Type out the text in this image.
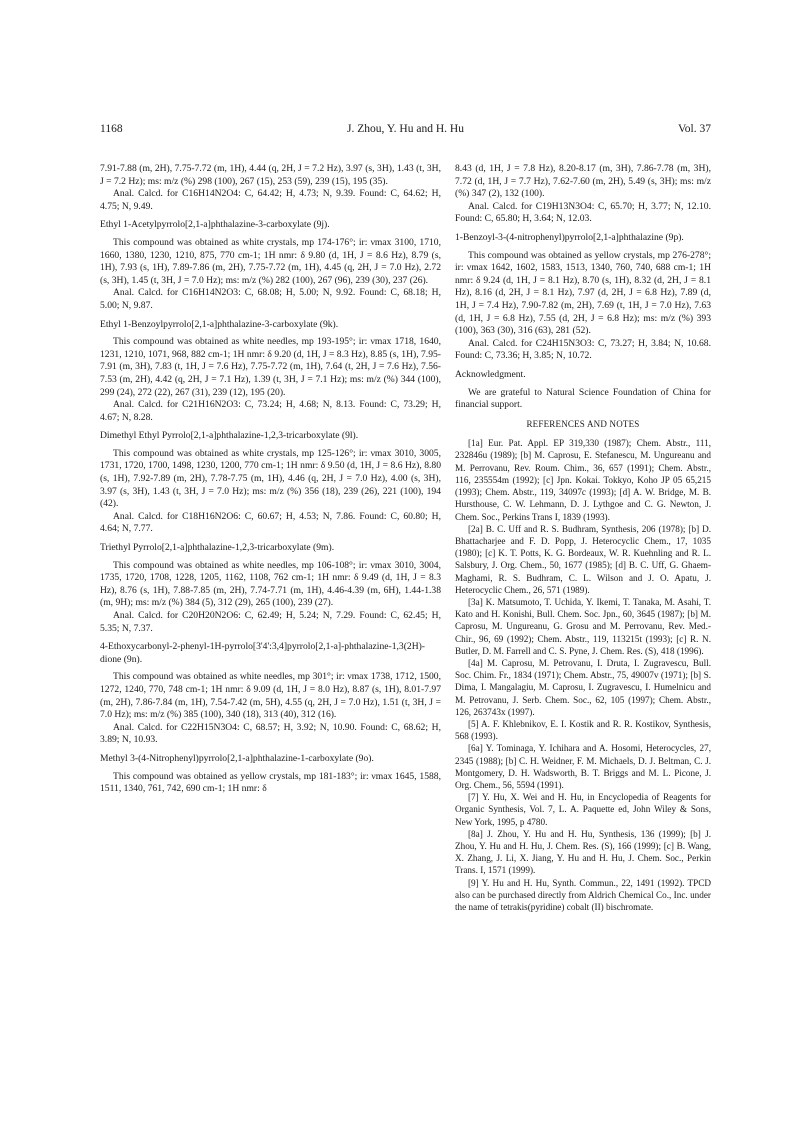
1168	J. Zhou, Y. Hu and H. Hu	Vol. 37

7.91-7.88 (m, 2H), 7.75-7.72 (m, 1H), 4.44 (q, 2H, J = 7.2 Hz), 3.97 (s, 3H), 1.43 (t, 3H, J = 7.2 Hz); ms: m/z (%) 298 (100), 267 (15), 253 (59), 239 (15), 195 (35).

Anal. Calcd. for C16H14N2O4: C, 64.42; H, 4.73; N, 9.39. Found: C, 64.62; H, 4.75; N, 9.49.

Ethyl 1-Acetylpyrrolo[2,1-a]phthalazine-3-carboxylate (9j).

This compound was obtained as white crystals, mp 174-176°; ir: νmax 3100, 1710, 1660, 1380, 1230, 1210, 875, 770 cm-1; 1H nmr: δ 9.80 (d, 1H, J = 8.6 Hz), 8.79 (s, 1H), 7.93 (s, 1H), 7.89-7.86 (m, 2H), 7.75-7.72 (m, 1H), 4.45 (q, 2H, J = 7.0 Hz), 2.72 (s, 3H), 1.45 (t, 3H, J = 7.0 Hz); ms: m/z (%) 282 (100), 267 (96), 239 (30), 237 (26).

Anal. Calcd. for C16H14N2O3: C, 68.08; H, 5.00; N, 9.92. Found: C, 68.18; H, 5.00; N, 9.87.

Ethyl 1-Benzoylpyrrolo[2,1-a]phthalazine-3-carboxylate (9k).

This compound was obtained as white needles, mp 193-195°; ir: νmax 1718, 1640, 1231, 1210, 1071, 968, 882 cm-1; 1H nmr: δ 9.20 (d, 1H, J = 8.3 Hz), 8.85 (s, 1H), 7.95-7.91 (m, 3H), 7.83 (t, 1H, J = 7.6 Hz), 7.75-7.72 (m, 1H), 7.64 (t, 2H, J = 7.6 Hz), 7.56-7.53 (m, 2H), 4.42 (q, 2H, J = 7.1 Hz), 1.39 (t, 3H, J = 7.1 Hz); ms: m/z (%) 344 (100), 299 (24), 272 (22), 267 (31), 239 (12), 195 (20).

Anal. Calcd. for C21H16N2O3: C, 73.24; H, 4.68; N, 8.13. Found: C, 73.29; H, 4.67; N, 8.28.

Dimethyl Ethyl Pyrrolo[2,1-a]phthalazine-1,2,3-tricarboxylate (9l).

This compound was obtained as white crystals, mp 125-126°; ir: νmax 3010, 3005, 1731, 1720, 1700, 1498, 1230, 1200, 770 cm-1; 1H nmr: δ 9.50 (d, 1H, J = 8.6 Hz), 8.80 (s, 1H), 7.92-7.89 (m, 2H), 7.78-7.75 (m, 1H), 4.46 (q, 2H, J = 7.0 Hz), 4.00 (s, 3H), 3.97 (s, 3H), 1.43 (t, 3H, J = 7.0 Hz); ms: m/z (%) 356 (18), 239 (26), 221 (100), 194 (42).

Anal. Calcd. for C18H16N2O6: C, 60.67; H, 4.53; N, 7.86. Found: C, 60.80; H, 4.64; N, 7.77.

Triethyl Pyrrolo[2,1-a]phthalazine-1,2,3-tricarboxylate (9m).

This compound was obtained as white needles, mp 106-108°; ir: νmax 3010, 3004, 1735, 1720, 1708, 1228, 1205, 1162, 1108, 762 cm-1; 1H nmr: δ 9.49 (d, 1H, J = 8.3 Hz), 8.76 (s, 1H), 7.88-7.85 (m, 2H), 7.74-7.71 (m, 1H), 4.46-4.39 (m, 6H), 1.44-1.38 (m, 9H); ms: m/z (%) 384 (5), 312 (29), 265 (100), 239 (27).

Anal. Calcd. for C20H20N2O6: C, 62.49; H, 5.24; N, 7.29. Found: C, 62.45; H, 5.35; N, 7.37.

4-Ethoxycarbonyl-2-phenyl-1H-pyrrolo[3'4':3,4]pyrrolo[2,1-a]-phthalazine-1,3(2H)-dione (9n).

This compound was obtained as white needles, mp 301°; ir: νmax 1738, 1712, 1500, 1272, 1240, 770, 748 cm-1; 1H nmr: δ 9.09 (d, 1H, J = 8.0 Hz), 8.87 (s, 1H), 8.01-7.97 (m, 2H), 7.86-7.84 (m, 1H), 7.54-7.42 (m, 5H), 4.55 (q, 2H, J = 7.0 Hz), 1.51 (t, 3H, J = 7.0 Hz); ms: m/z (%) 385 (100), 340 (18), 313 (40), 312 (16).

Anal. Calcd. for C22H15N3O4: C, 68.57; H, 3.92; N, 10.90. Found: C, 68.62; H, 3.89; N, 10.93.

Methyl 3-(4-Nitrophenyl)pyrrolo[2,1-a]phthalazine-1-carboxylate (9o).

This compound was obtained as yellow crystals, mp 181-183°; ir: νmax 1645, 1588, 1511, 1340, 761, 742, 690 cm-1; 1H nmr: δ

8.43 (d, 1H, J = 7.8 Hz), 8.20-8.17 (m, 3H), 7.86-7.78 (m, 3H), 7.72 (d, 1H, J = 7.7 Hz), 7.62-7.60 (m, 2H), 5.49 (s, 3H); ms: m/z (%) 347 (2), 132 (100).

Anal. Calcd. for C19H13N3O4: C, 65.70; H, 3.77; N, 12.10. Found: C, 65.80; H, 3.64; N, 12.03.

1-Benzoyl-3-(4-nitrophenyl)pyrrolo[2,1-a]phthalazine (9p).

This compound was obtained as yellow crystals, mp 276-278°; ir: νmax 1642, 1602, 1583, 1513, 1340, 760, 740, 688 cm-1; 1H nmr: δ 9.24 (d, 1H, J = 8.1 Hz), 8.70 (s, 1H), 8.32 (d, 2H, J = 8.1 Hz), 8.16 (d, 2H, J = 8.1 Hz), 7.97 (d, 2H, J = 6.8 Hz), 7.89 (d, 1H, J = 7.4 Hz), 7.90-7.82 (m, 2H), 7.69 (t, 1H, J = 7.0 Hz), 7.63 (d, 1H, J = 6.8 Hz), 7.55 (d, 2H, J = 6.8 Hz); ms: m/z (%) 393 (100), 363 (30), 316 (63), 281 (52).

Anal. Calcd. for C24H15N3O3: C, 73.27; H, 3.84; N, 10.68. Found: C, 73.36; H, 3.85; N, 10.72.

Acknowledgment.

We are grateful to Natural Science Foundation of China for financial support.

REFERENCES AND NOTES

[1a] Eur. Pat. Appl. EP 319,330 (1987); Chem. Abstr., 111, 232846u (1989); [b] M. Caprosu, E. Stefanescu, M. Ungureanu and M. Perrovanu, Rev. Roum. Chim., 36, 657 (1991); Chem. Abstr., 116, 235554m (1992); [c] Jpn. Kokai. Tokkyo, Koho JP 05 65,215 (1993); Chem. Abstr., 119, 34097c (1993); [d] A. W. Bridge, M. B. Hursthouse, C. W. Lehmann, D. J. Lythgoe and C. G. Newton, J. Chem. Soc., Perkins Trans I, 1839 (1993).

[2a] B. C. Uff and R. S. Budhram, Synthesis, 206 (1978); [b] D. Bhattacharjee and F. D. Popp, J. Heterocyclic Chem., 17, 1035 (1980); [c] K. T. Potts, K. G. Bordeaux, W. R. Kuehnling and R. L. Salsbury, J. Org. Chem., 50, 1677 (1985); [d] B. C. Uff, G. Ghaem-Maghami, R. S. Budhram, C. L. Wilson and J. O. Apatu, J. Heterocyclic Chem., 26, 571 (1989).

[3a] K. Matsumoto, T. Uchida, Y. Ikemi, T. Tanaka, M. Asahi, T. Kato and H. Konishi, Bull. Chem. Soc. Jpn., 60, 3645 (1987); [b] M. Caprosu, M. Ungureanu, G. Grosu and M. Perrovanu, Rev. Med.-Chir., 96, 69 (1992); Chem. Abstr., 119, 113215t (1993); [c] R. N. Butler, D. M. Farrell and C. S. Pyne, J. Chem. Res. (S), 418 (1996).

[4a] M. Caprosu, M. Petrovanu, I. Druta, I. Zugravescu, Bull. Soc. Chim. Fr., 1834 (1971); Chem. Abstr., 75, 49007v (1971); [b] S. Dima, I. Mangalagiu, M. Caprosu, I. Zugravescu, I. Humelnicu and M. Petrovanu, J. Serb. Chem. Soc., 62, 105 (1997); Chem. Abstr., 126, 263743x (1997).

[5] A. F. Khlebnikov, E. I. Kostik and R. R. Kostikov, Synthesis, 568 (1993).

[6a] Y. Tominaga, Y. Ichihara and A. Hosomi, Heterocycles, 27, 2345 (1988); [b] C. H. Weidner, F. M. Michaels, D. J. Beltman, C. J. Montgomery, D. H. Wadsworth, B. T. Briggs and M. L. Picone, J. Org. Chem., 56, 5594 (1991).

[7] Y. Hu, X. Wei and H. Hu, in Encyclopedia of Reagents for Organic Synthesis, Vol. 7, L. A. Paquette ed, John Wiley & Sons, New York, 1995, p 4780.

[8a] J. Zhou, Y. Hu and H. Hu, Synthesis, 136 (1999); [b] J. Zhou, Y. Hu and H. Hu, J. Chem. Res. (S), 166 (1999); [c] B. Wang, X. Zhang, J. Li, X. Jiang, Y. Hu and H. Hu, J. Chem. Soc., Perkin Trans. I, 1571 (1999).

[9] Y. Hu and H. Hu, Synth. Commun., 22, 1491 (1992). TPCD also can be purchased directly from Aldrich Chemical Co., Inc. under the name of tetrakis(pyridine) cobalt (II) bischromate.
